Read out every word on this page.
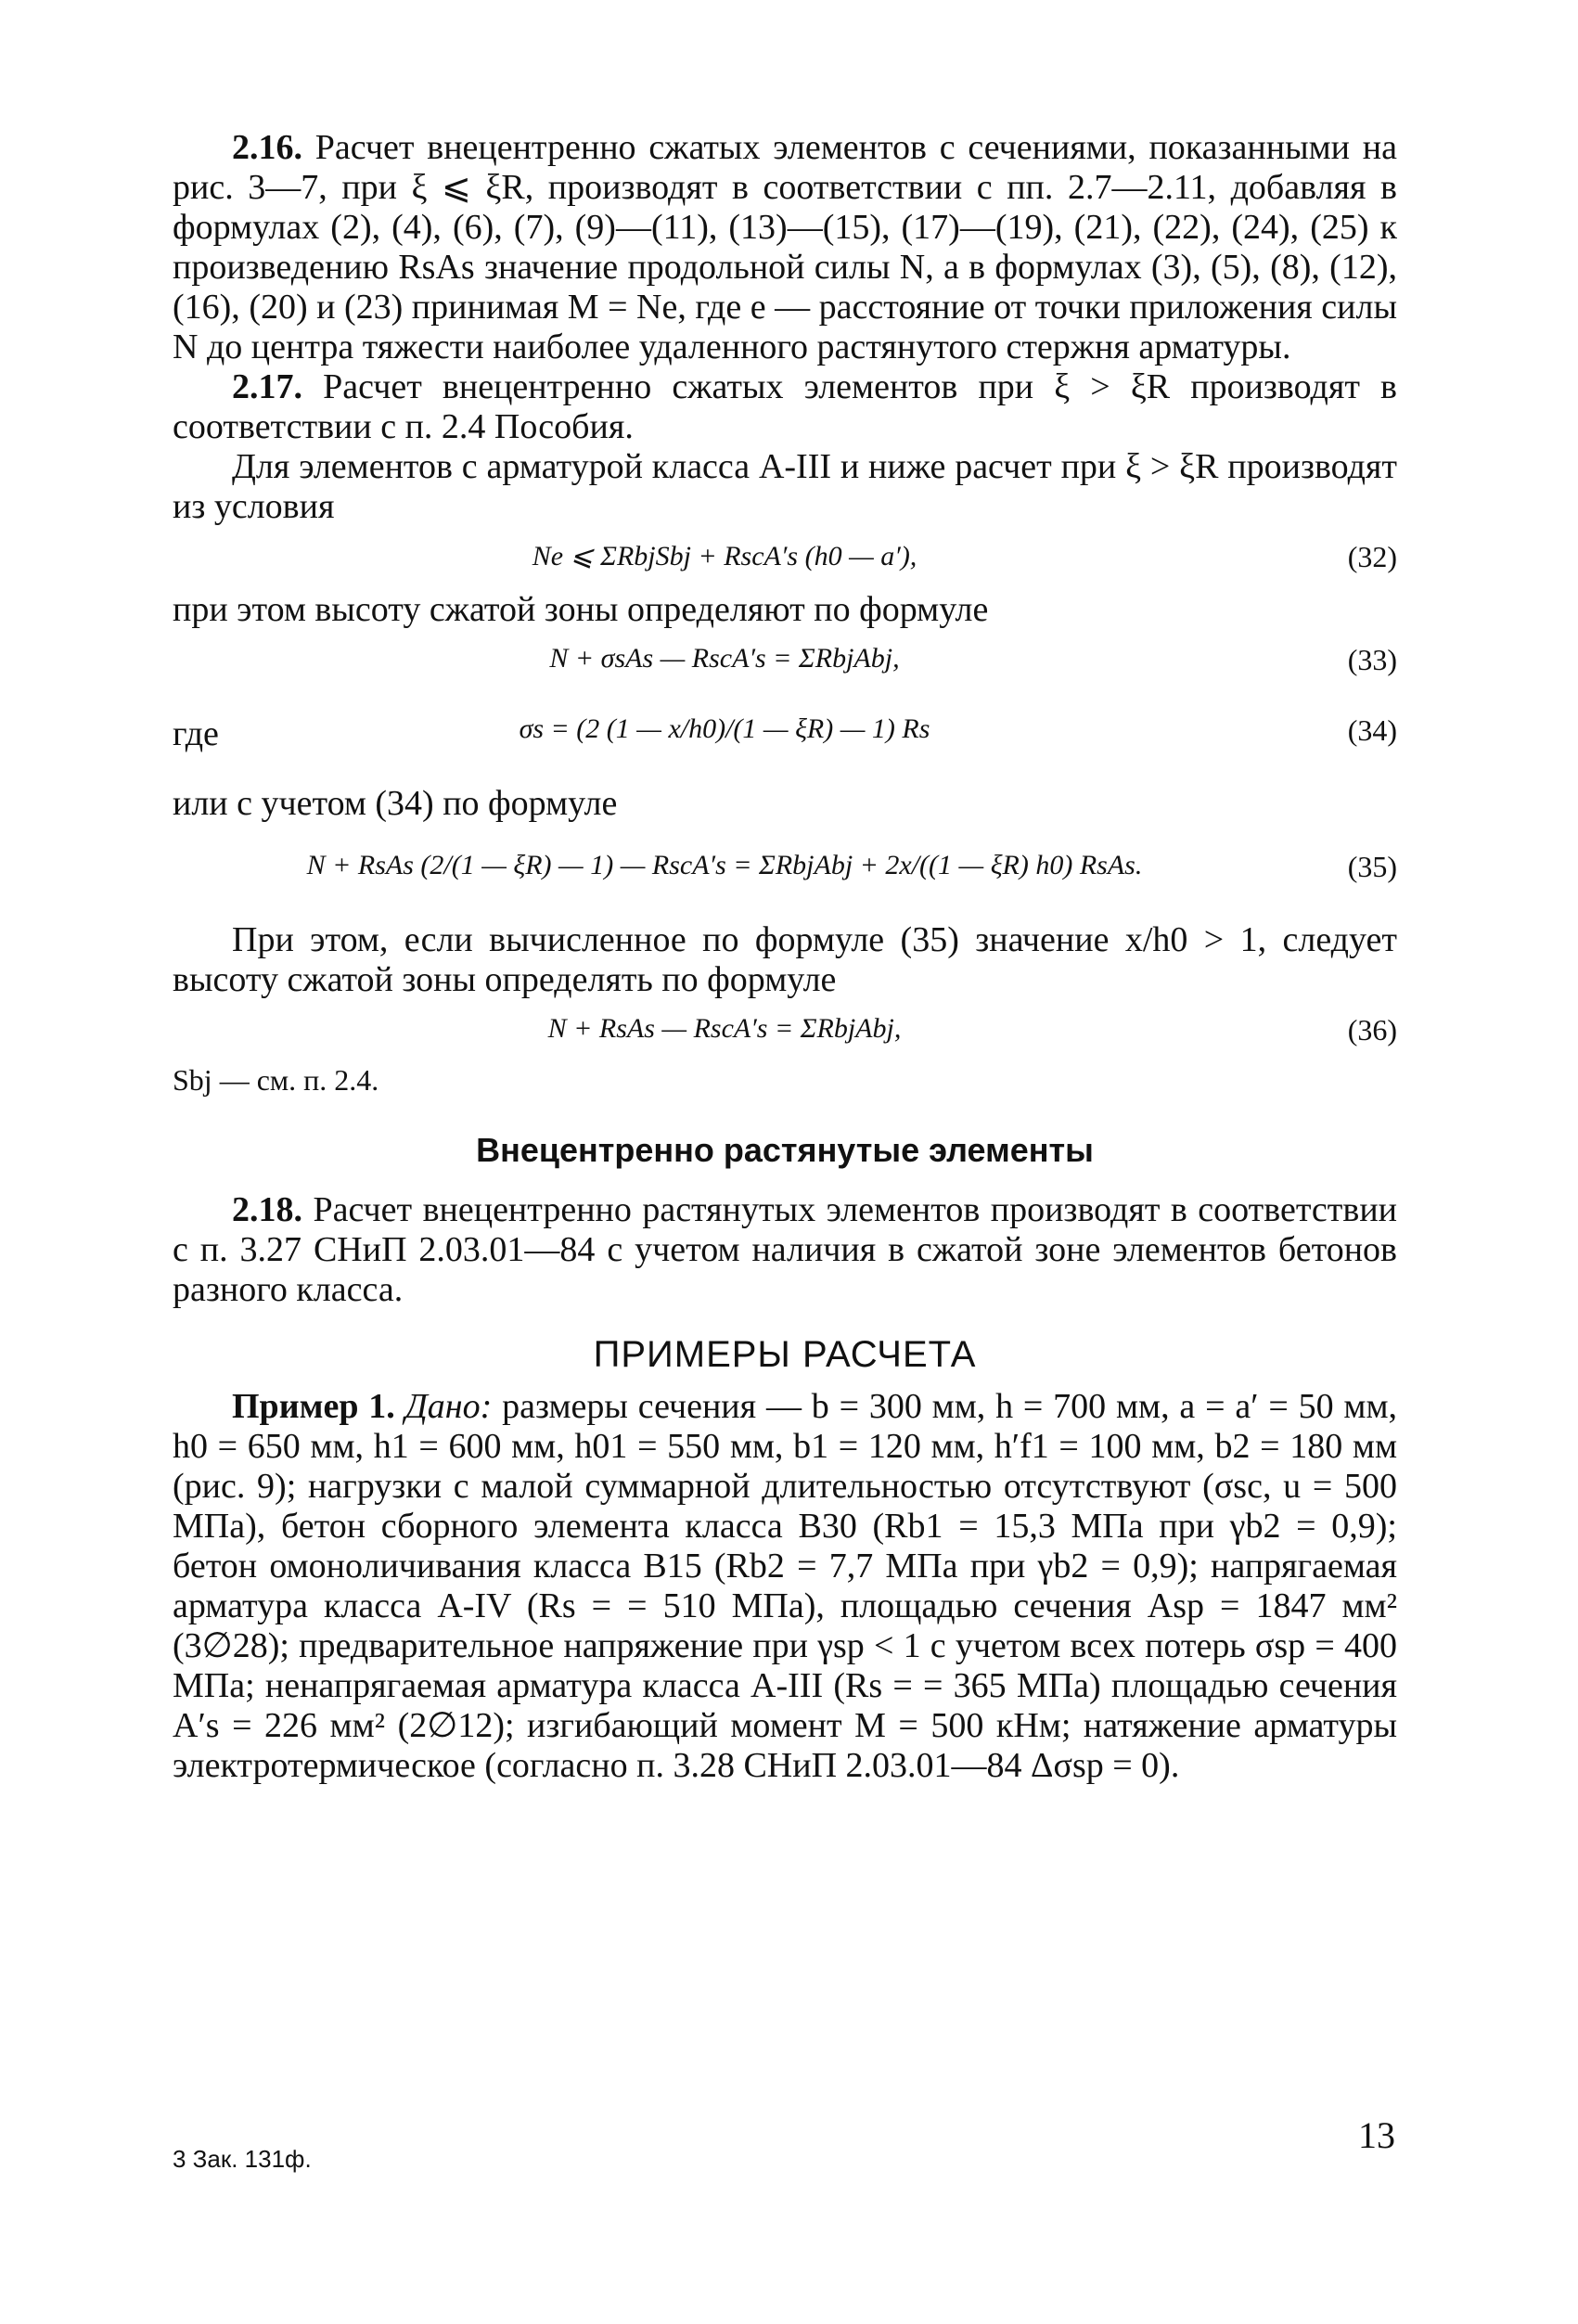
2.16. Расчет внецентренно сжатых элементов с сечениями, показанными на рис. 3—7, при ξ ⩽ ξR, производят в соответствии с пп. 2.7—2.11, добавляя в формулах (2), (4), (6), (7), (9)—(11), (13)—(15), (17)—(19), (21), (22), (24), (25) к произведению RsAs значение продольной силы N, а в формулах (3), (5), (8), (12), (16), (20) и (23) принимая M = Ne, где e — расстояние от точки приложения силы N до центра тяжести наиболее удаленного растянутого стержня арматуры.

2.17. Расчет внецентренно сжатых элементов при ξ > ξR производят в соответствии с п. 2.4 Пособия.

Для элементов с арматурой класса А-III и ниже расчет при ξ > ξR производят из условия

Ne ⩽ ΣRbjSbj + RscA′s (h0 — a′),	(32)

при этом высоту сжатой зоны определяют по формуле

N + σsAs — RscA′s = ΣRbjAbj,	(33)
где	σs = (2 (1 — x/h0)/(1 — ξR) — 1) Rs	(34)

или с учетом (34) по формуле

N + RsAs (2/(1 — ξR) — 1) — RscA′s = ΣRbjAbj + 2x/((1 — ξR) h0) RsAs.	(35)

При этом, если вычисленное по формуле (35) значение x/h0 > 1, следует высоту сжатой зоны определять по формуле

N + RsAs — RscA′s = ΣRbjAbj,	(36)
Sbj — см. п. 2.4.
Внецентренно растянутые элементы

2.18. Расчет внецентренно растянутых элементов производят в соответствии с п. 3.27 СНиП 2.03.01—84 с учетом наличия в сжатой зоне элементов бетонов разного класса.

ПРИМЕРЫ РАСЧЕТА

Пример 1. Дано: размеры сечения — b = 300 мм, h = 700 мм, a = a′ = 50 мм, h0 = 650 мм, h1 = 600 мм, h01 = 550 мм, b1 = 120 мм, h′f1 = 100 мм, b2 = 180 мм (рис. 9); нагрузки с малой суммарной длительностью отсутствуют (σsc, u = 500 МПа), бетон сборного элемента класса В30 (Rb1 = 15,3 МПа при γb2 = 0,9); бетон омоноличивания класса В15 (Rb2 = 7,7 МПа при γb2 = 0,9); напрягаемая арматура класса А-IV (Rs = = 510 МПа), площадью сечения Asp = 1847 мм² (3∅28); предварительное напряжение при γsp < 1 с учетом всех потерь σsp = 400 МПа; ненапрягаемая арматура класса А-III (Rs = = 365 МПа) площадью сечения A′s = 226 мм² (2∅12); изгибающий момент M = 500 кНм; натяжение арматуры электротермическое (согласно п. 3.28 СНиП 2.03.01—84 Δσsp = 0).

3 Зак. 131ф.
13
